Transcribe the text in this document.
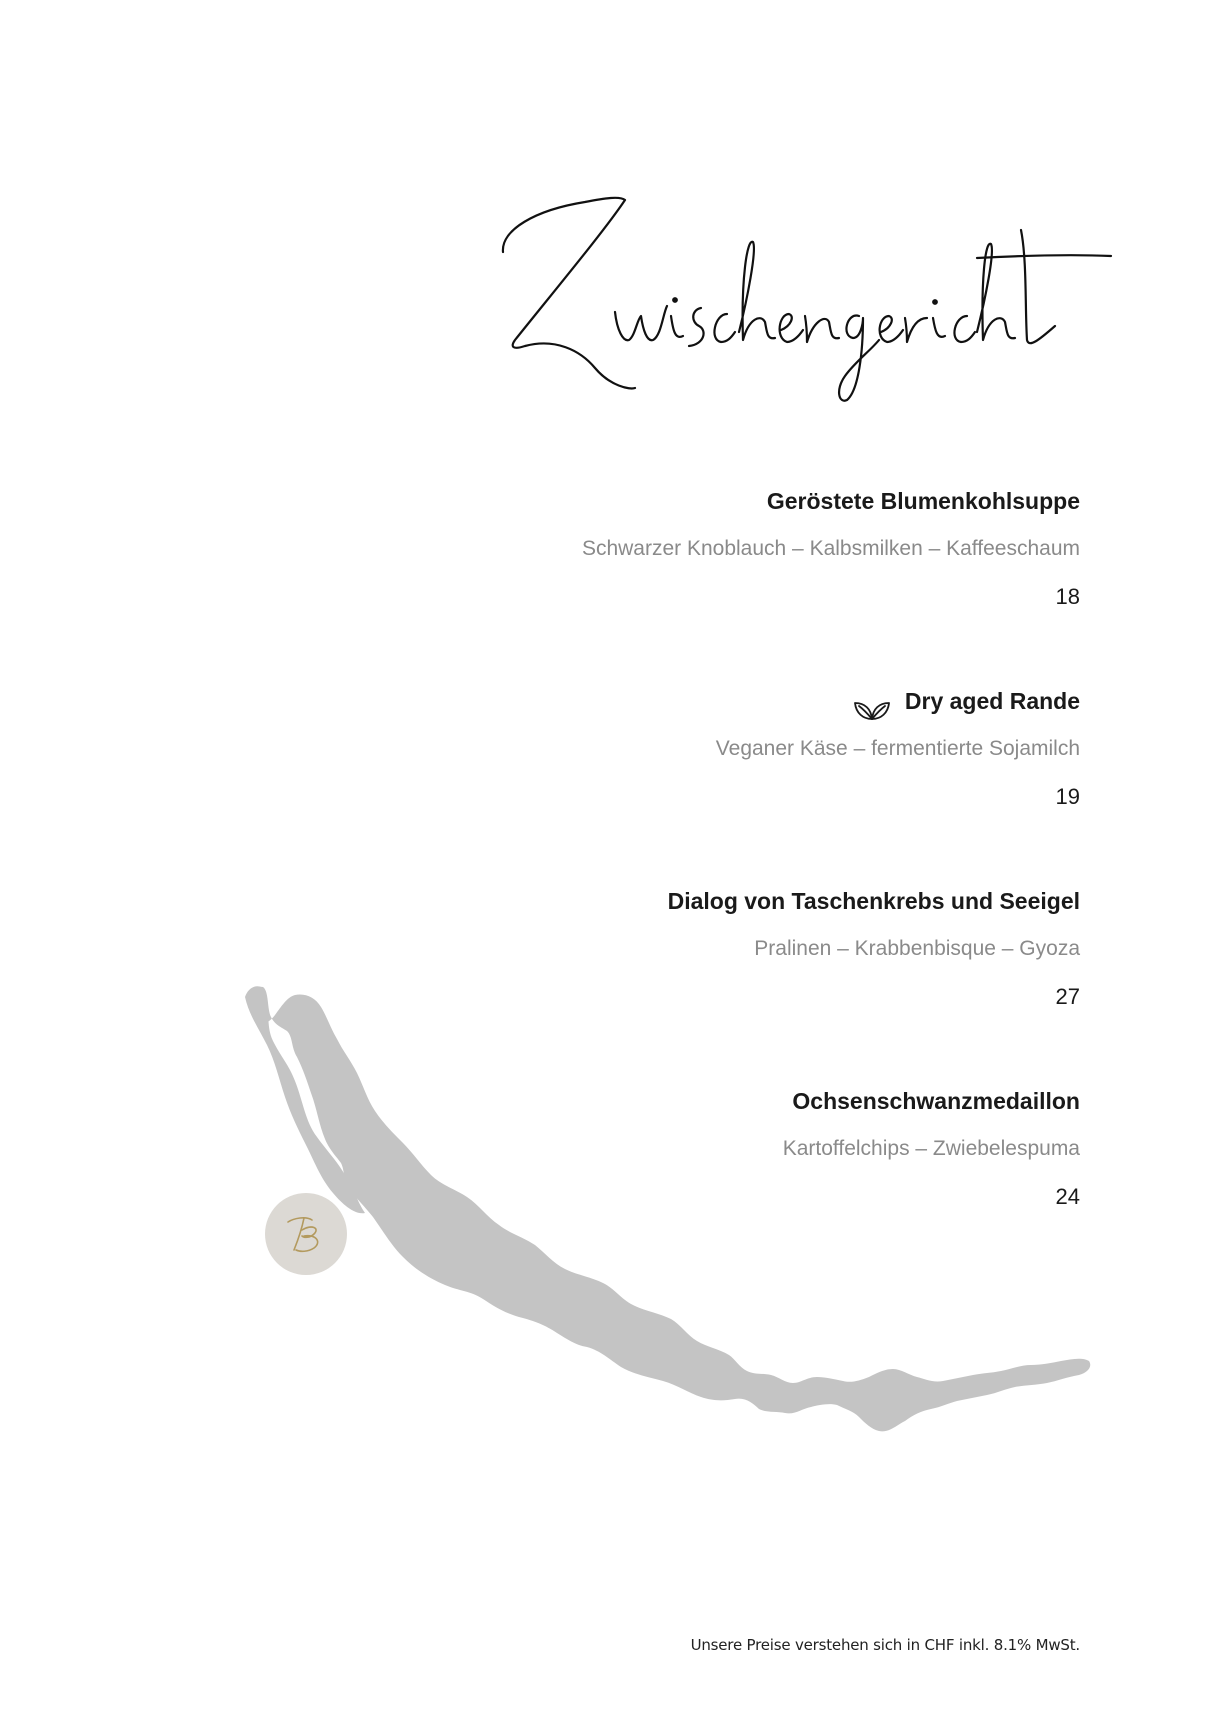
Geröstete Blumenkohlsuppe
Schwarzer Knoblauch – Kalbsmilken – Kaffeeschaum
18
Dry aged Rande
Veganer Käse – fermentierte Sojamilch
19
Dialog von Taschenkrebs und Seeigel
Pralinen – Krabbenbisque – Gyoza
27
Ochsenschwanzmedaillon
Kartoffelchips – Zwiebelespuma
24
Unsere Preise verstehen sich in CHF inkl. 8.1% MwSt.
